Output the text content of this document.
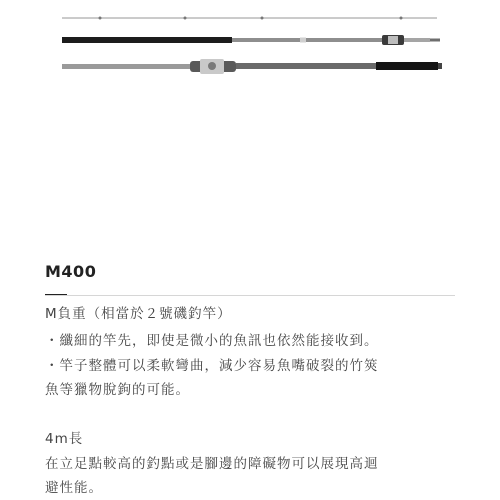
M400
M負重（相當於２號磯釣竿）
・纖細的竿先，即使是微小的魚訊也依然能接收到。
・竿子整體可以柔軟彎曲，減少容易魚嘴破裂的竹筴
魚等獵物脫鉤的可能。
4m長
在立足點較高的釣點或是腳邊的障礙物可以展現高迴
避性能。
